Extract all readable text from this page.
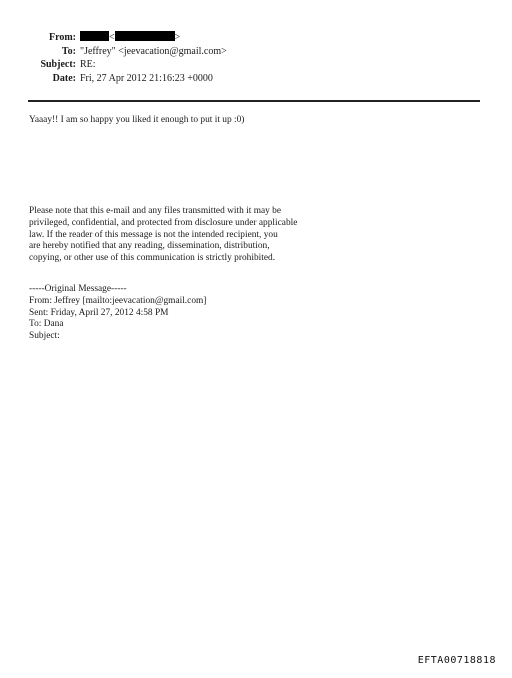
From:	<	>
To: "Jeffrey" <jeevacation@gmail.com>
Subject: RE:
Date: Fri, 27 Apr 2012 21:16:23 +0000
Yaaay!! I am so happy you liked it enough to put it up :0)
Please note that this e-mail and any files transmitted with it may be
privileged, confidential, and protected from disclosure under applicable
law. If the reader of this message is not the intended recipient, you
are hereby notified that any reading, dissemination, distribution,
copying, or other use of this communication is strictly prohibited.
-----Original Message-----
From: Jeffrey [mailto:jeevacation@gmail.com]
Sent: Friday, April 27, 2012 4:58 PM
To: Dana
Subject:
EFTA00718818
